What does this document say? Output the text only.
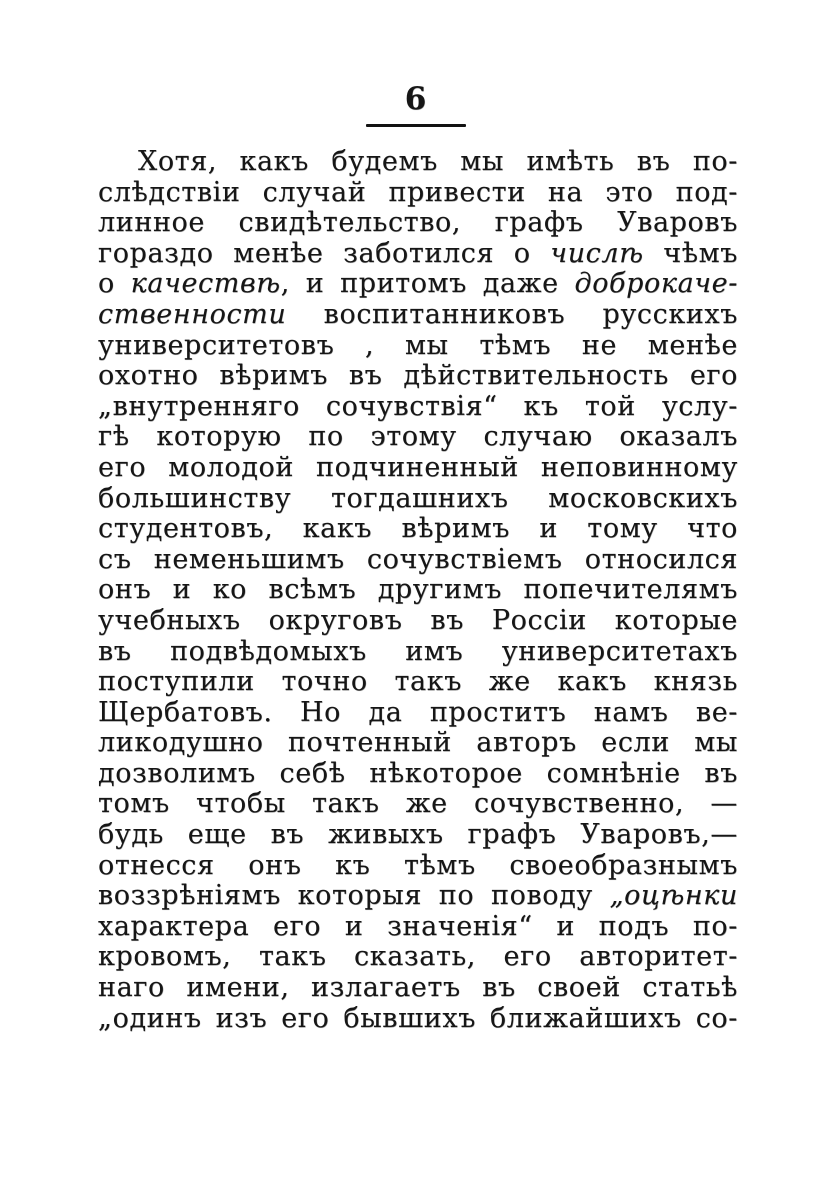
6
Хотя, какъ будемъ мы имѣть въ по-
слѣдствіи случай привести на это под-
линное свидѣтельство, графъ Уваровъ
гораздо менѣе заботился о числѣ чѣмъ
о качествѣ, и притомъ даже доброкаче-
ственности воспитанниковъ русскихъ
университетовъ , мы тѣмъ не менѣе
охотно вѣримъ въ дѣйствительность его
„внутренняго сочувствія“ къ той услу-
гѣ которую по этому случаю оказалъ
его молодой подчиненный неповинному
большинству тогдашнихъ московскихъ
студентовъ, какъ вѣримъ и тому что
съ неменьшимъ сочувствіемъ относился
онъ и ко всѣмъ другимъ попечителямъ
учебныхъ округовъ въ Россіи которые
въ подвѣдомыхъ имъ университетахъ
поступили точно такъ же какъ князь
Щербатовъ. Но да проститъ намъ ве-
ликодушно почтенный авторъ если мы
дозволимъ себѣ нѣкоторое сомнѣніе въ
томъ чтобы такъ же сочувственно, —
будь еще въ живыхъ графъ Уваровъ,—
отнесся онъ къ тѣмъ своеобразнымъ
воззрѣніямъ которыя по поводу „оцѣнки
характера его и значенія“ и подъ по-
кровомъ, такъ сказать, его авторитет-
наго имени, излагаетъ въ своей статьѣ
„одинъ изъ его бывшихъ ближайшихъ со-
